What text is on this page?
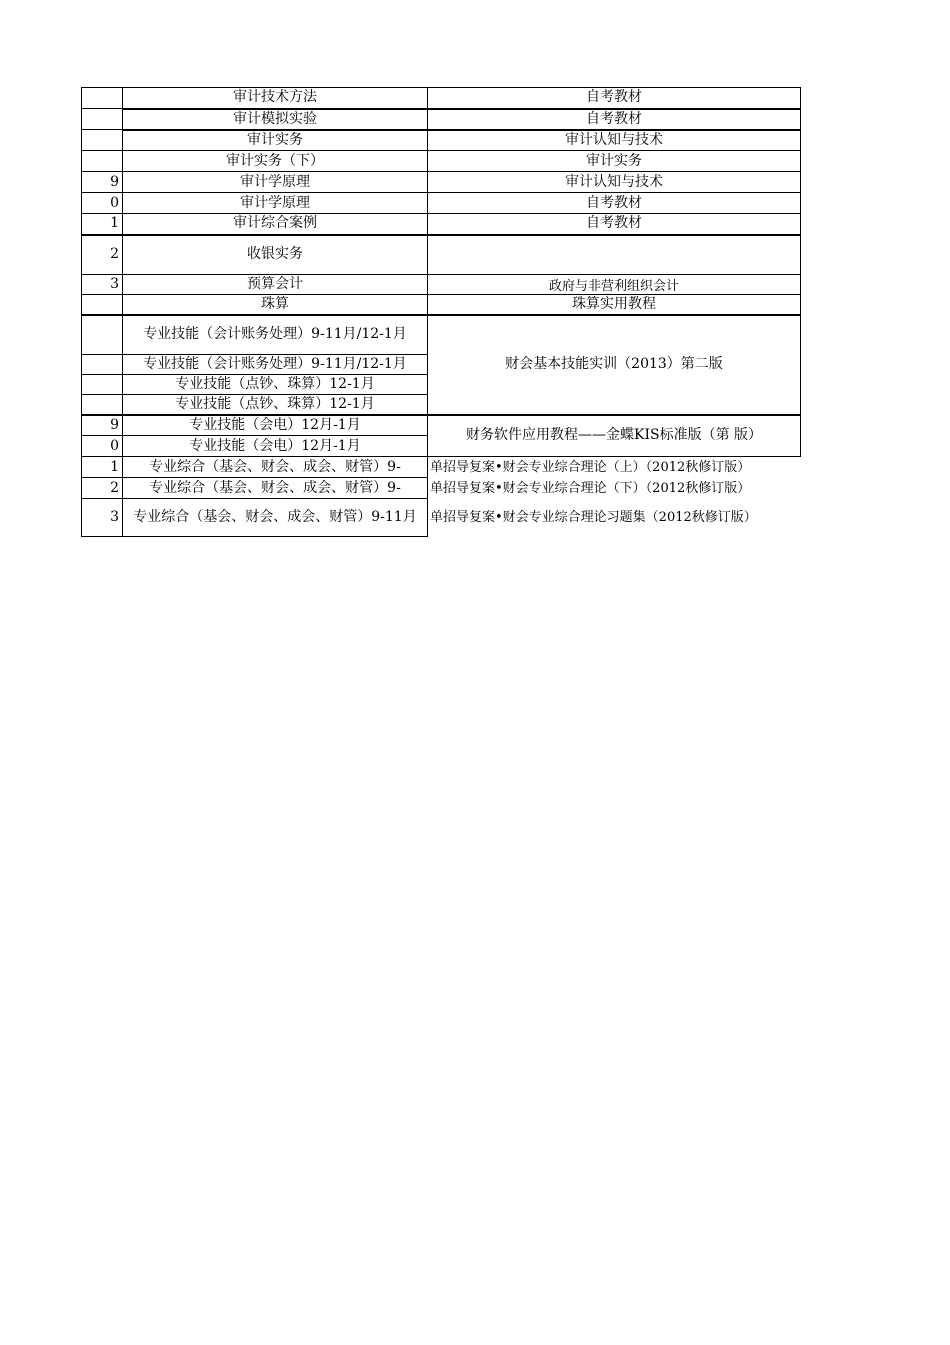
	审计技术方法	自考教材
	审计模拟实验	自考教材
	审计实务	审计认知与技术
	审计实务（下）	审计实务
9	审计学原理	审计认知与技术
0	审计学原理	自考教材
1	审计综合案例	自考教材
2	收银实务	
3	预算会计	政府与非营利组织会计
	珠算	珠算实用教程
	专业技能（会计账务处理）9-11月/12-1月	财会基本技能实训（2013）第二版
	专业技能（会计账务处理）9-11月/12-1月	
	专业技能（点钞、珠算）12-1月	
	专业技能（点钞、珠算）12-1月	
9	专业技能（会电）12月-1月	财务软件应用教程——金蝶KIS标准版（第 版）
0	专业技能（会电）12月-1月	
1	专业综合（基会、财会、成会、财管）9-	单招导复案•财会专业综合理论（上）（2012秋修订版）
2	专业综合（基会、财会、成会、财管）9-	单招导复案•财会专业综合理论（下）（2012秋修订版）
3	专业综合（基会、财会、成会、财管）9-11月	单招导复案•财会专业综合理论习题集（2012秋修订版）
